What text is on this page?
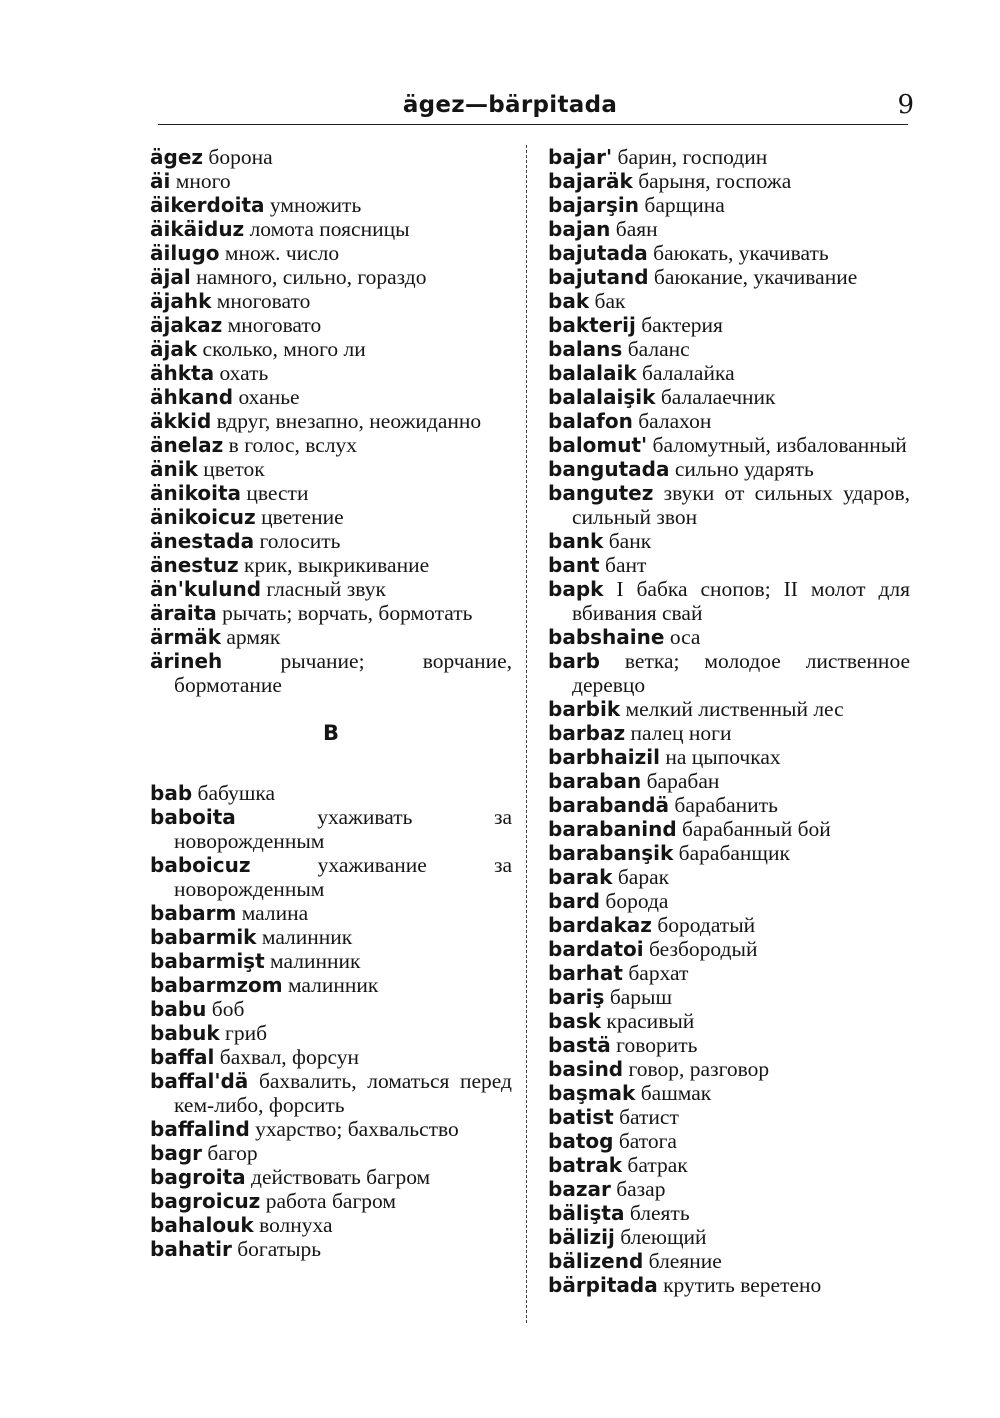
ägez—bärpitada	9
ägez борона
äi много
äikerdoita умножить
äikäiduz ломота поясницы
äilugo множ. число
äjal намного, сильно, гораздо
äjahk многовато
äjakaz многовато
äjak сколько, много ли
ähkta охать
ähkand оханье
äkkid вдруг, внезапно, неожиданно
änelaz в голос, вслух
änik цветок
änikoita цвести
änikoicuz цветение
änestada голосить
änestuz крик, выкрикивание
än'kulund гласный звук
äraita рычать; ворчать, бормотать
ärmäk армяк
ärineh	рычание; ворчание, бормотание
B
bab бабушка
baboita	ухаживать за новорожденным
baboicuz	ухаживание за новорожденным
babarm малина
babarmik малинник
babarmişt малинник
babarmzom малинник
babu боб
babuk гриб
baffal бахвал, форсун
baffal'dä бахвалить, ломаться перед кем-либо, форсить
baffalind ухарство; бахвальство
bagr багор
bagroita действовать багром
bagroicuz работа багром
bahalouk волнуха
bahatir богатырь
bajar' барин, господин
bajaräk барыня, госпожа
bajarşin барщина
bajan баян
bajutada баюкать, укачивать
bajutand баюкание, укачивание
bak бак
bakterij бактерия
balans баланс
balalaik балалайка
balalaişik балалаечник
balafon балахон
balomut' баломутный, избалованный
bangutada сильно ударять
bangutez звуки от сильных ударов, сильный звон
bank банк
bant бант
bapk I бабка снопов; II молот для вбивания свай
babshaine оса
barb ветка; молодое лиственное деревцо
barbik мелкий лиственный лес
barbaz палец ноги
barbhaizil на цыпочках
baraban барабан
barabandä барабанить
barabanind барабанный бой
barabanşik барабанщик
barak барак
bard борода
bardakaz бородатый
bardatoi безбородый
barhat бархат
bariş барыш
bask красивый
bastä говорить
basind говор, разговор
başmak башмак
batist батист
batog батога
batrak батрак
bazar базар
bälişta блеять
bälizij блеющий
bälizend блеяние
bärpitada крутить веретено
